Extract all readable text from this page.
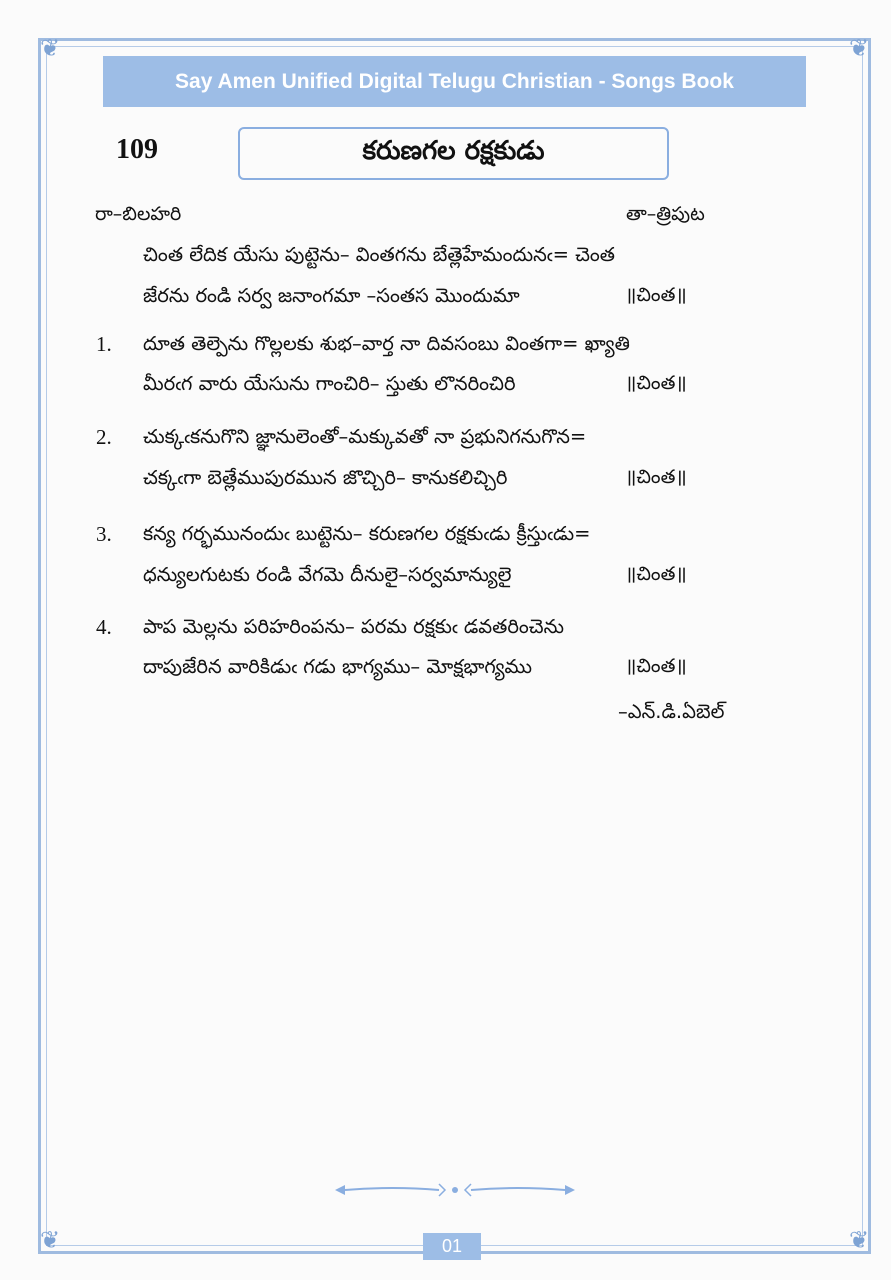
❦	❦
❦	❦
Say Amen Unified Digital Telugu Christian - Songs Book
109	కరుణగల రక్షకుడు
రా–బిలహరి	తా–త్రిపుట
చింత లేదిక యేసు పుట్టెను– వింతగను బేత్లెహేమందునఁ= చెంత
జేరను రండి సర్వ జనాంగమా –సంతస మొందుమా	॥చింత॥
1. దూత తెల్పెను గొల్లలకు శుభ–వార్త నా దివసంబు వింతగా= ఖ్యాతి
మీరఁగ వారు యేసును గాంచిరి– స్తుతు లొనరించిరి	॥చింత॥
2. చుక్కఁకనుగొని జ్ఞానులెంతో–మక్కువతో నా ప్రభునిగనుగొన=
చక్కఁగా బెత్లేముపురమున జొచ్చిరి– కానుకలిచ్చిరి	॥చింత॥
3. కన్య గర్భమునందుఁ బుట్టెను– కరుణగల రక్షకుఁడు క్రీస్తుఁడు=
ధన్యులగుటకు రండి వేగమె దీనులై–సర్వమాన్యులై	॥చింత॥
4. పాప మెల్లను పరిహరింపను– పరమ రక్షకుఁ డవతరించెను
దాపుజేరిన వారికిడుఁ గడు భాగ్యము– మోక్షభాగ్యము	॥చింత॥
–ఎన్.డి.ఏబెల్
01
